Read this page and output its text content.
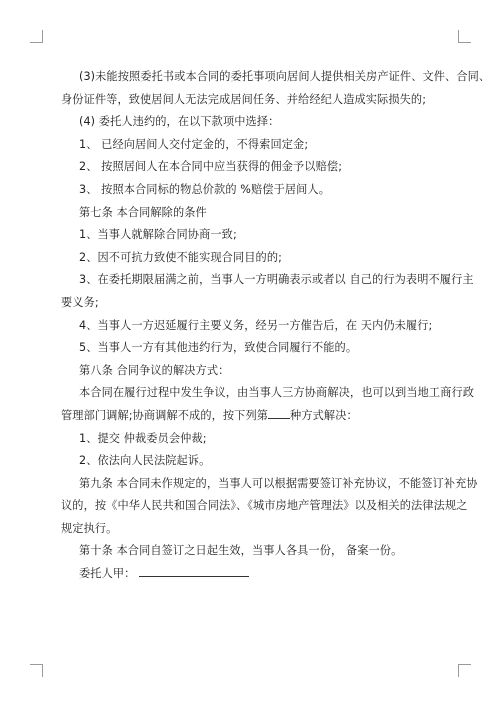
(3)未能按照委托书或本合同的委托事项向居间人提供相关房产证件、文件、合同、

身份证件等，致使居间人无法完成居间任务、并给经纪人造成实际损失的;

(4) 委托人违约的，在以下款项中选择：

1、 已经向居间人交付定金的，不得索回定金;

2、 按照居间人在本合同中应当获得的佣金予以赔偿;

3、 按照本合同标的物总价款的 %赔偿于居间人。

第七条 本合同解除的条件

1、当事人就解除合同协商一致;

2、因不可抗力致使不能实现合同目的的;

3、在委托期限届满之前，当事人一方明确表示或者以 自己的行为表明不履行主

要义务;

4、当事人一方迟延履行主要义务，经另一方催告后，在 天内仍未履行;

5、当事人一方有其他违约行为，致使合同履行不能的。

第八条 合同争议的解决方式：

本合同在履行过程中发生争议，由当事人三方协商解决，也可以到当地工商行政

管理部门调解;协商调解不成的，按下列第 种方式解决：

1、提交 仲裁委员会仲裁;

2、依法向人民法院起诉。

第九条 本合同未作规定的，当事人可以根据需要签订补充协议，不能签订补充协

议的，按《中华人民共和国合同法》、《城市房地产管理法》以及相关的法律法规之

规定执行。

第十条 本合同自签订之日起生效，当事人各具一份， 备案一份。

委托人甲：
